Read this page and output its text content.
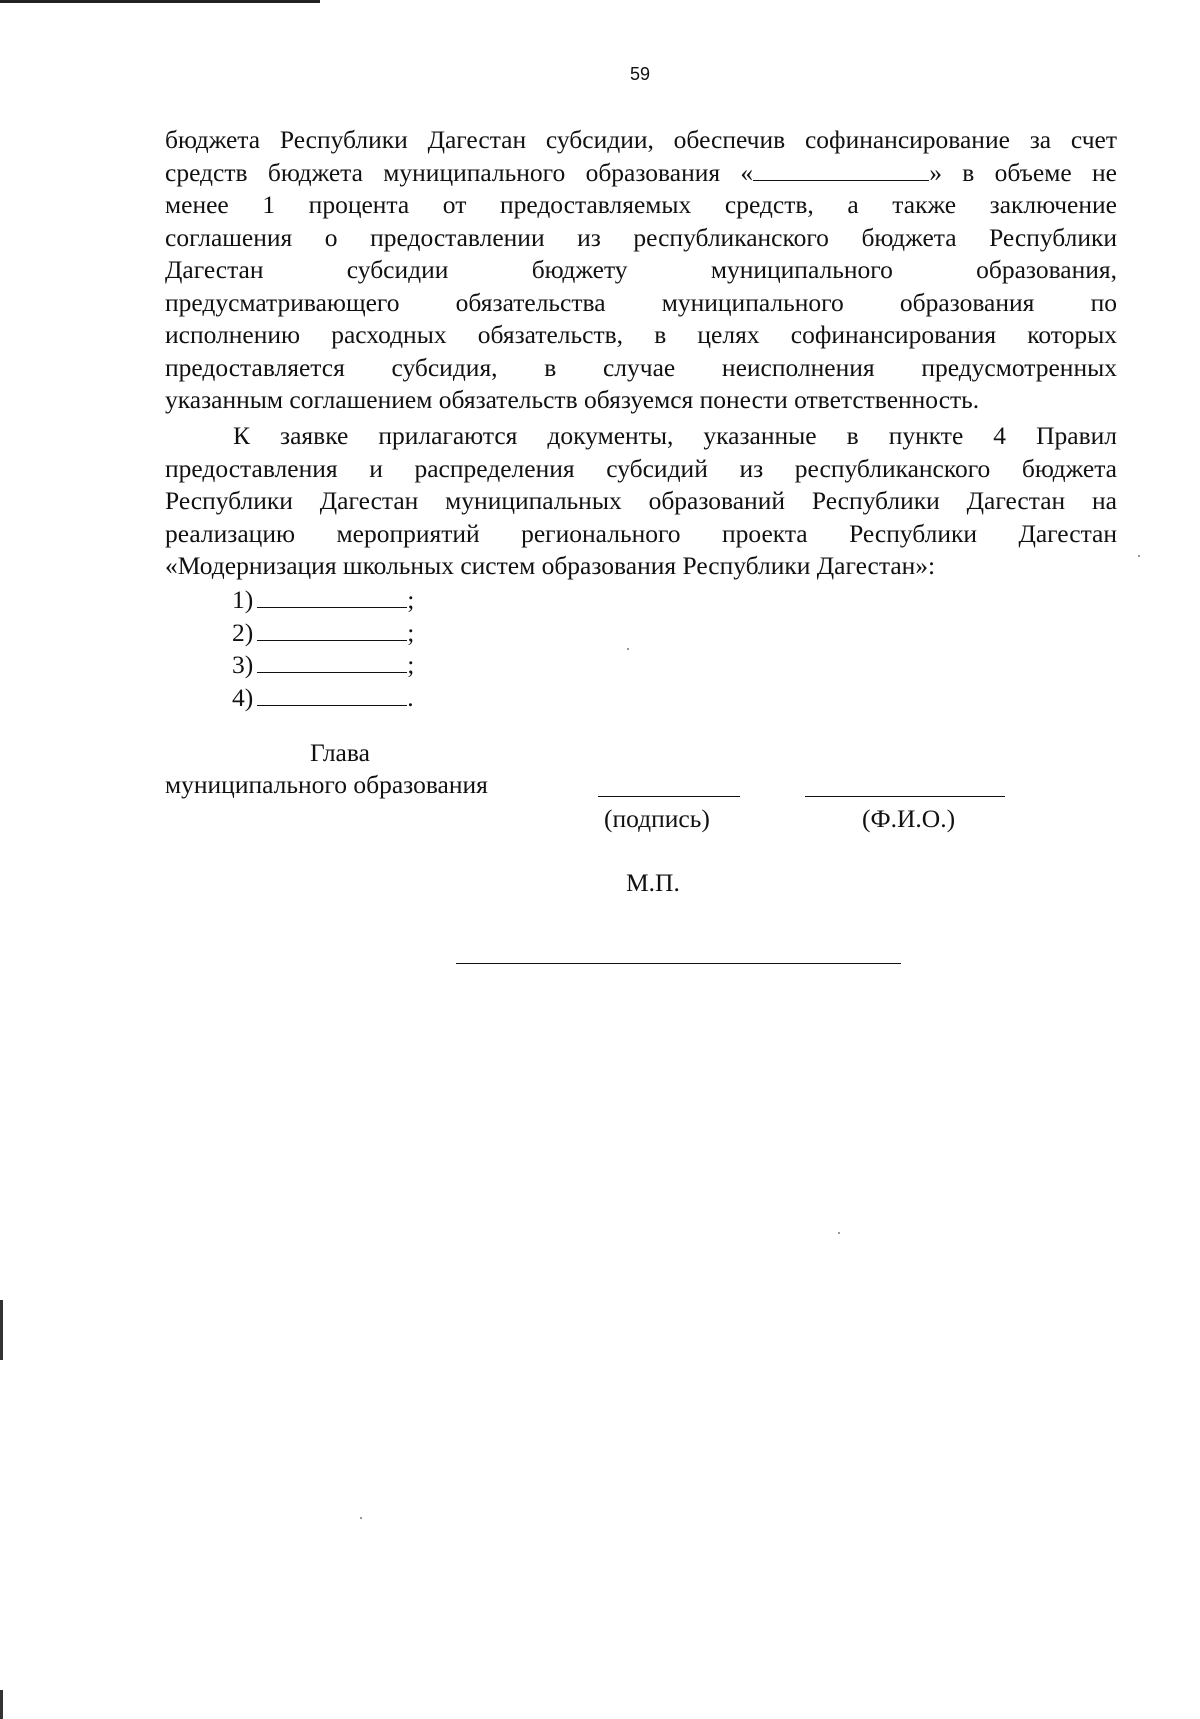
59
бюджета Республики Дагестан субсидии, обеспечив софинансирование за счет
средств бюджета муниципального образования «	» в объеме не
менее 1 процента от предоставляемых средств, а также заключение
соглашения о предоставлении из республиканского бюджета Республики
Дагестан субсидии бюджету муниципального образования,
предусматривающего обязательства муниципального образования по
исполнению расходных обязательств, в целях софинансирования которых
предоставляется субсидия, в случае неисполнения предусмотренных
указанным соглашением обязательств обязуемся понести ответственность.
К заявке прилагаются документы, указанные в пункте 4 Правил
предоставления и распределения субсидий из республиканского бюджета
Республики Дагестан муниципальных образований Республики Дагестан на
реализацию мероприятий регионального проекта Республики Дагестан
«Модернизация школьных систем образования Республики Дагестан»:
1)	;
2)	;
3)	;
4)	.
Глава
муниципального образования
(подпись)	(Ф.И.О.)
М.П.
